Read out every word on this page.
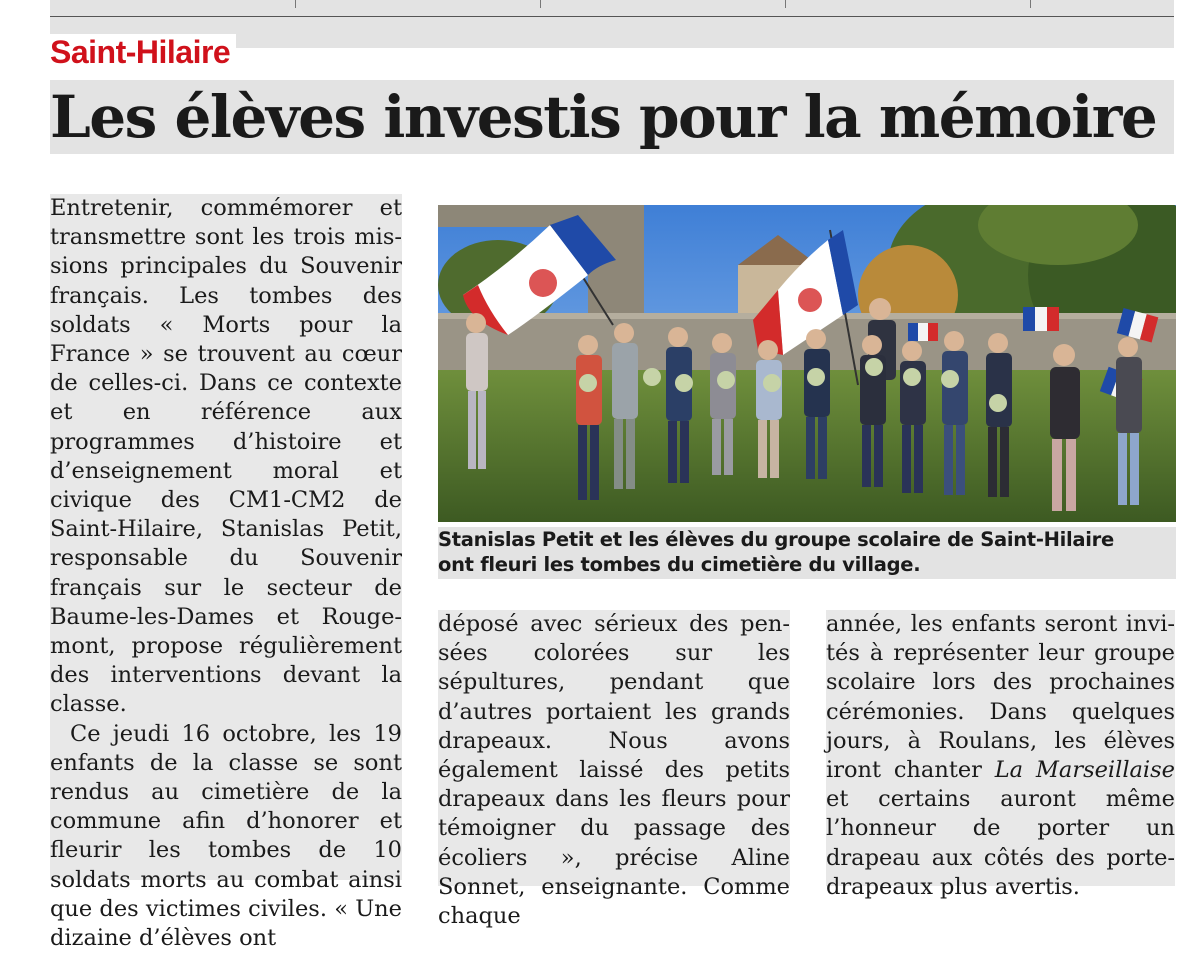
Saint-Hilaire
Les élèves investis pour la mémoire

Entretenir, commémorer et transmettre sont les trois missions principales du Souvenir français. Les tombes des soldats « Morts pour la France » se trouvent au cœur de celles-ci. Dans ce contexte et en référence aux programmes d’histoire et d’enseignement moral et civique des CM1-CM2 de Saint-Hilaire, Stanislas Petit, responsable du Souvenir français sur le secteur de Baume-les-Dames et Rougemont, propose régulièrement des interventions devant la classe.

Ce jeudi 16 octobre, les 19 enfants de la classe se sont rendus au cimetière de la commune afin d’honorer et fleurir les tombes de 10 soldats morts au combat ainsi que des victimes civiles. « Une dizaine d’élèves ont

Stanislas Petit et les élèves du groupe scolaire de Saint-Hilaire
ont fleuri les tombes du cimetière du village.

déposé avec sérieux des pensées colorées sur les sépultures, pendant que d’autres portaient les grands drapeaux. Nous avons également laissé des petits drapeaux dans les fleurs pour témoigner du passage des écoliers », précise Aline Sonnet, enseignante. Comme chaque

année, les enfants seront invités à représenter leur groupe scolaire lors des prochaines cérémonies. Dans quelques jours, à Roulans, les élèves iront chanter La Marseillaise et certains auront même l’honneur de porter un drapeau aux côtés des porte-drapeaux plus avertis.
